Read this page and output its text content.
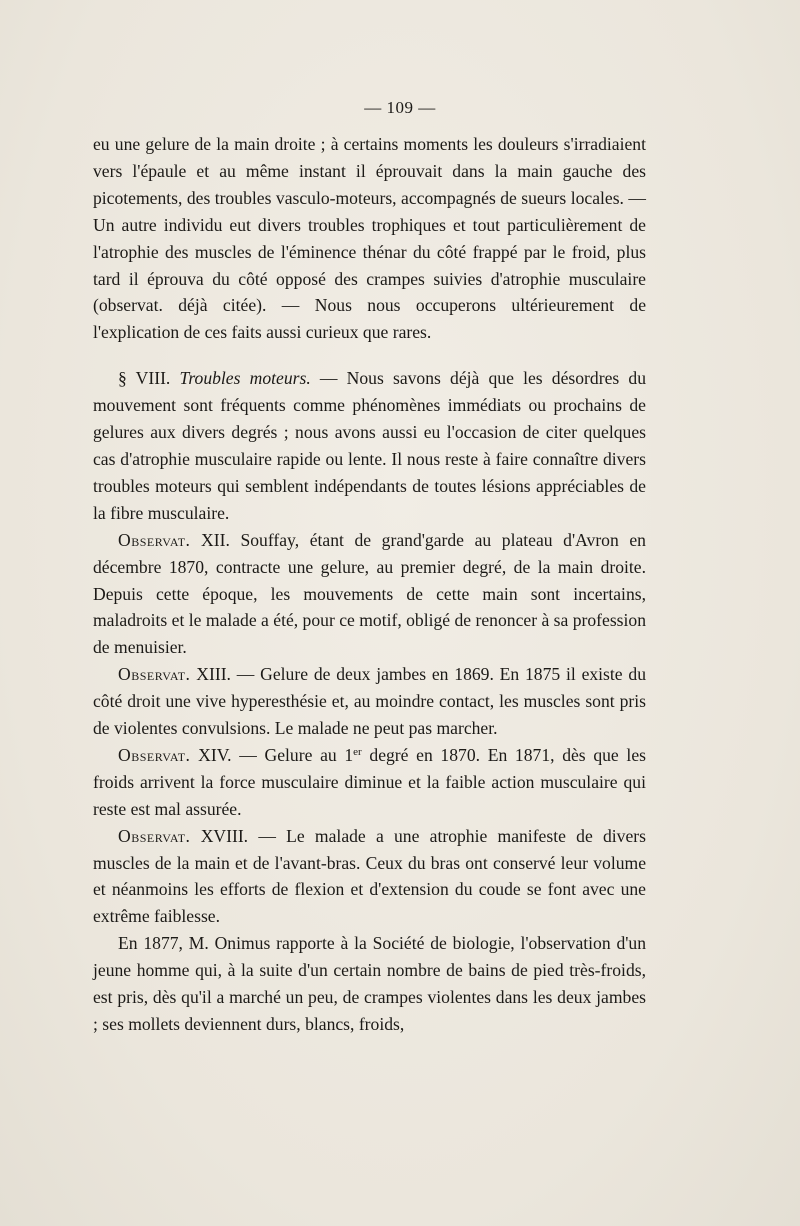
— 109 —

eu une gelure de la main droite ; à certains moments les douleurs s'irradiaient vers l'épaule et au même instant il éprouvait dans la main gauche des picotements, des troubles vasculo-moteurs, accompagnés de sueurs locales. — Un autre individu eut divers troubles trophiques et tout particulièrement de l'atrophie des muscles de l'éminence thénar du côté frappé par le froid, plus tard il éprouva du côté opposé des crampes suivies d'atrophie musculaire (observat. déjà citée). — Nous nous occuperons ultérieurement de l'explication de ces faits aussi curieux que rares.

§ VIII. Troubles moteurs. — Nous savons déjà que les désordres du mouvement sont fréquents comme phénomènes immédiats ou prochains de gelures aux divers degrés ; nous avons aussi eu l'occasion de citer quelques cas d'atrophie musculaire rapide ou lente. Il nous reste à faire connaître divers troubles moteurs qui semblent indépendants de toutes lésions appréciables de la fibre musculaire.

Observat. XII. Souffay, étant de grand'garde au plateau d'Avron en décembre 1870, contracte une gelure, au premier degré, de la main droite. Depuis cette époque, les mouvements de cette main sont incertains, maladroits et le malade a été, pour ce motif, obligé de renoncer à sa profession de menuisier.

Observat. XIII. — Gelure de deux jambes en 1869. En 1875 il existe du côté droit une vive hyperesthésie et, au moindre contact, les muscles sont pris de violentes convulsions. Le malade ne peut pas marcher.

Observat. XIV. — Gelure au 1er degré en 1870. En 1871, dès que les froids arrivent la force musculaire diminue et la faible action musculaire qui reste est mal assurée.

Observat. XVIII. — Le malade a une atrophie manifeste de divers muscles de la main et de l'avant-bras. Ceux du bras ont conservé leur volume et néanmoins les efforts de flexion et d'extension du coude se font avec une extrême faiblesse.

En 1877, M. Onimus rapporte à la Société de biologie, l'observation d'un jeune homme qui, à la suite d'un certain nombre de bains de pied très-froids, est pris, dès qu'il a marché un peu, de crampes violentes dans les deux jambes ; ses mollets deviennent durs, blancs, froids,
